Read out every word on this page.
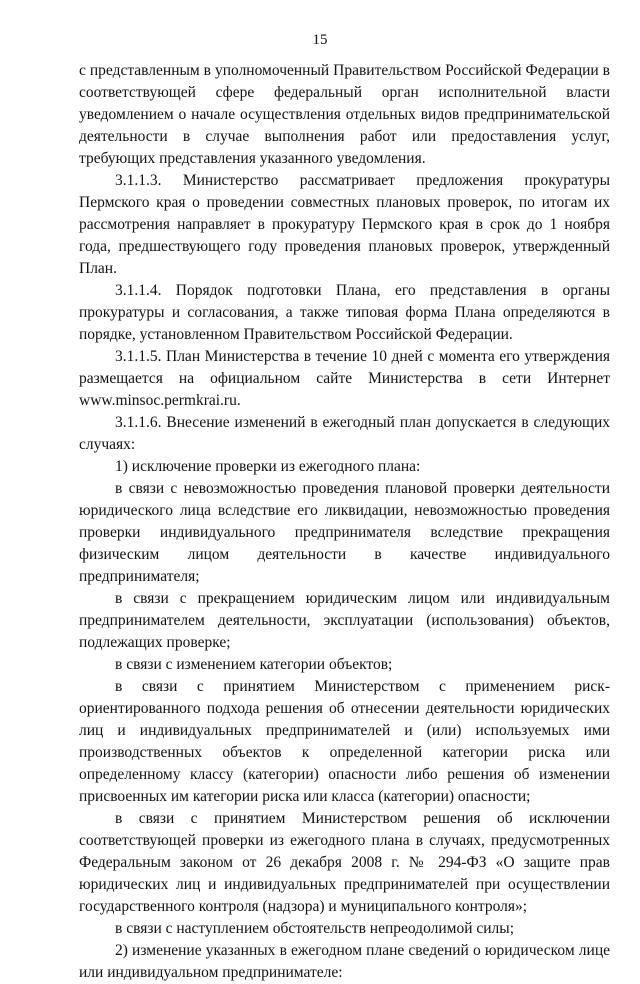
15

с представленным в уполномоченный Правительством Российской Федерации в соответствующей сфере федеральный орган исполнительной власти уведомлением о начале осуществления отдельных видов предпринимательской деятельности в случае выполнения работ или предоставления услуг, требующих представления указанного уведомления.

3.1.1.3. Министерство рассматривает предложения прокуратуры Пермского края о проведении совместных плановых проверок, по итогам их рассмотрения направляет в прокуратуру Пермского края в срок до 1 ноября года, предшествующего году проведения плановых проверок, утвержденный План.

3.1.1.4. Порядок подготовки Плана, его представления в органы прокуратуры и согласования, а также типовая форма Плана определяются в порядке, установленном Правительством Российской Федерации.

3.1.1.5. План Министерства в течение 10 дней с момента его утверждения размещается на официальном сайте Министерства в сети Интернет www.minsoc.permkrai.ru.

3.1.1.6. Внесение изменений в ежегодный план допускается в следующих случаях:

1) исключение проверки из ежегодного плана:

в связи с невозможностью проведения плановой проверки деятельности юридического лица вследствие его ликвидации, невозможностью проведения проверки индивидуального предпринимателя вследствие прекращения физическим лицом деятельности в качестве индивидуального предпринимателя;

в связи с прекращением юридическим лицом или индивидуальным предпринимателем деятельности, эксплуатации (использования) объектов, подлежащих проверке;

в связи с изменением категории объектов;

в связи с принятием Министерством с применением риск-ориентированного подхода решения об отнесении деятельности юридических лиц и индивидуальных предпринимателей и (или) используемых ими производственных объектов к определенной категории риска или определенному классу (категории) опасности либо решения об изменении присвоенных им категории риска или класса (категории) опасности;

в связи с принятием Министерством решения об исключении соответствующей проверки из ежегодного плана в случаях, предусмотренных Федеральным законом от 26 декабря 2008 г. № 294-ФЗ «О защите прав юридических лиц и индивидуальных предпринимателей при осуществлении государственного контроля (надзора) и муниципального контроля»;

в связи с наступлением обстоятельств непреодолимой силы;

2) изменение указанных в ежегодном плане сведений о юридическом лице или индивидуальном предпринимателе:
